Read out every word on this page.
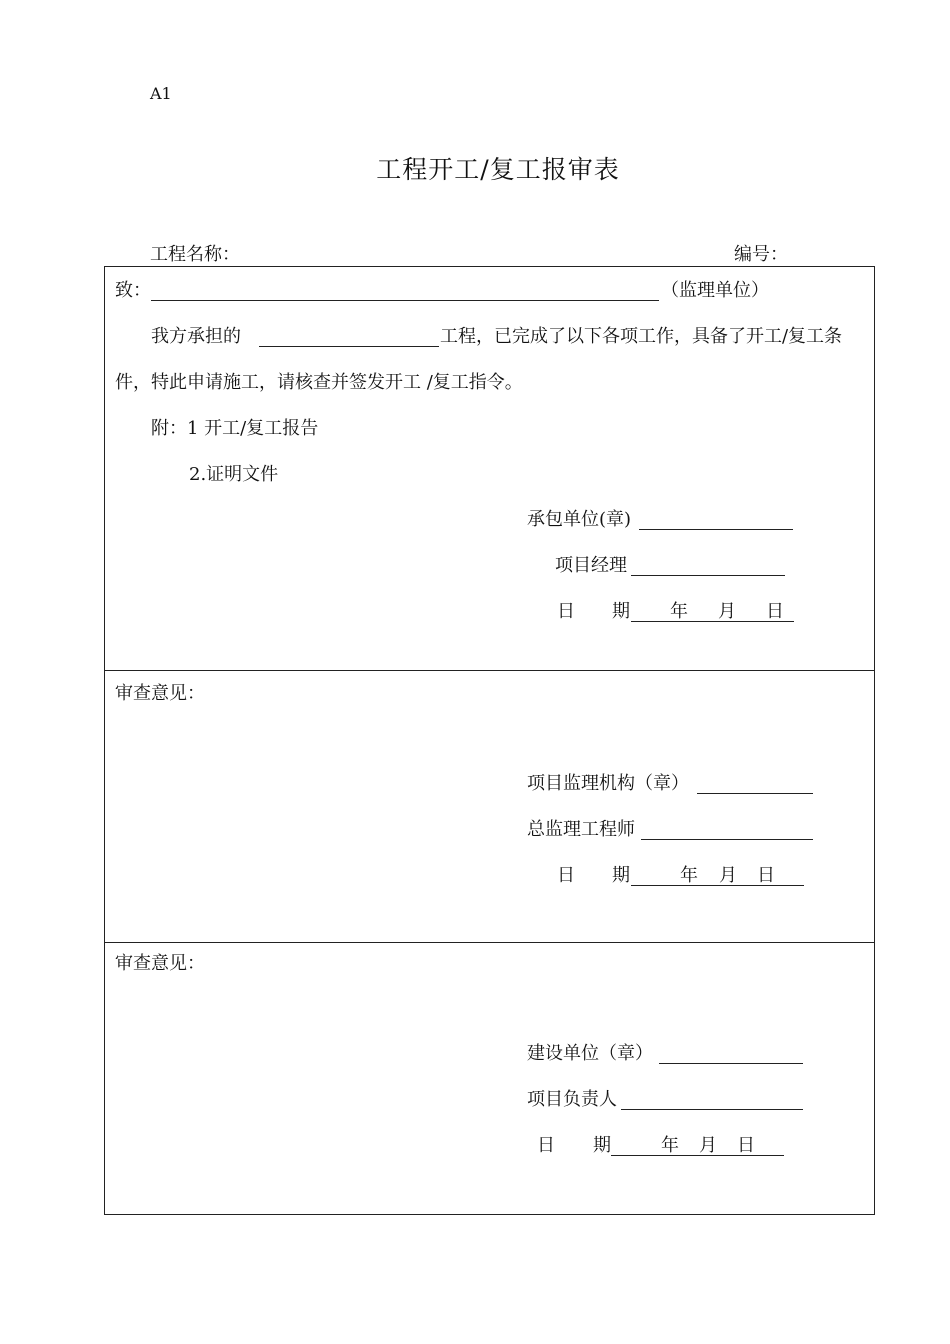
A1
工程开工/复工报审表
工程名称：	编号：
致：	（监理单位）
我方承担的	工程，已完成了以下各项工作，具备了开工/复工条
件，特此申请施工，请核查并签发开工 /复工指令。
附：1 开工/复工报告
2.证明文件
承包单位(章)
项目经理
日 期 年 月 日
审查意见：
项目监理机构（章）
总监理工程师
日 期	年 月 日
审查意见：
建设单位（章）
项目负责人
日 期	年 月 日
